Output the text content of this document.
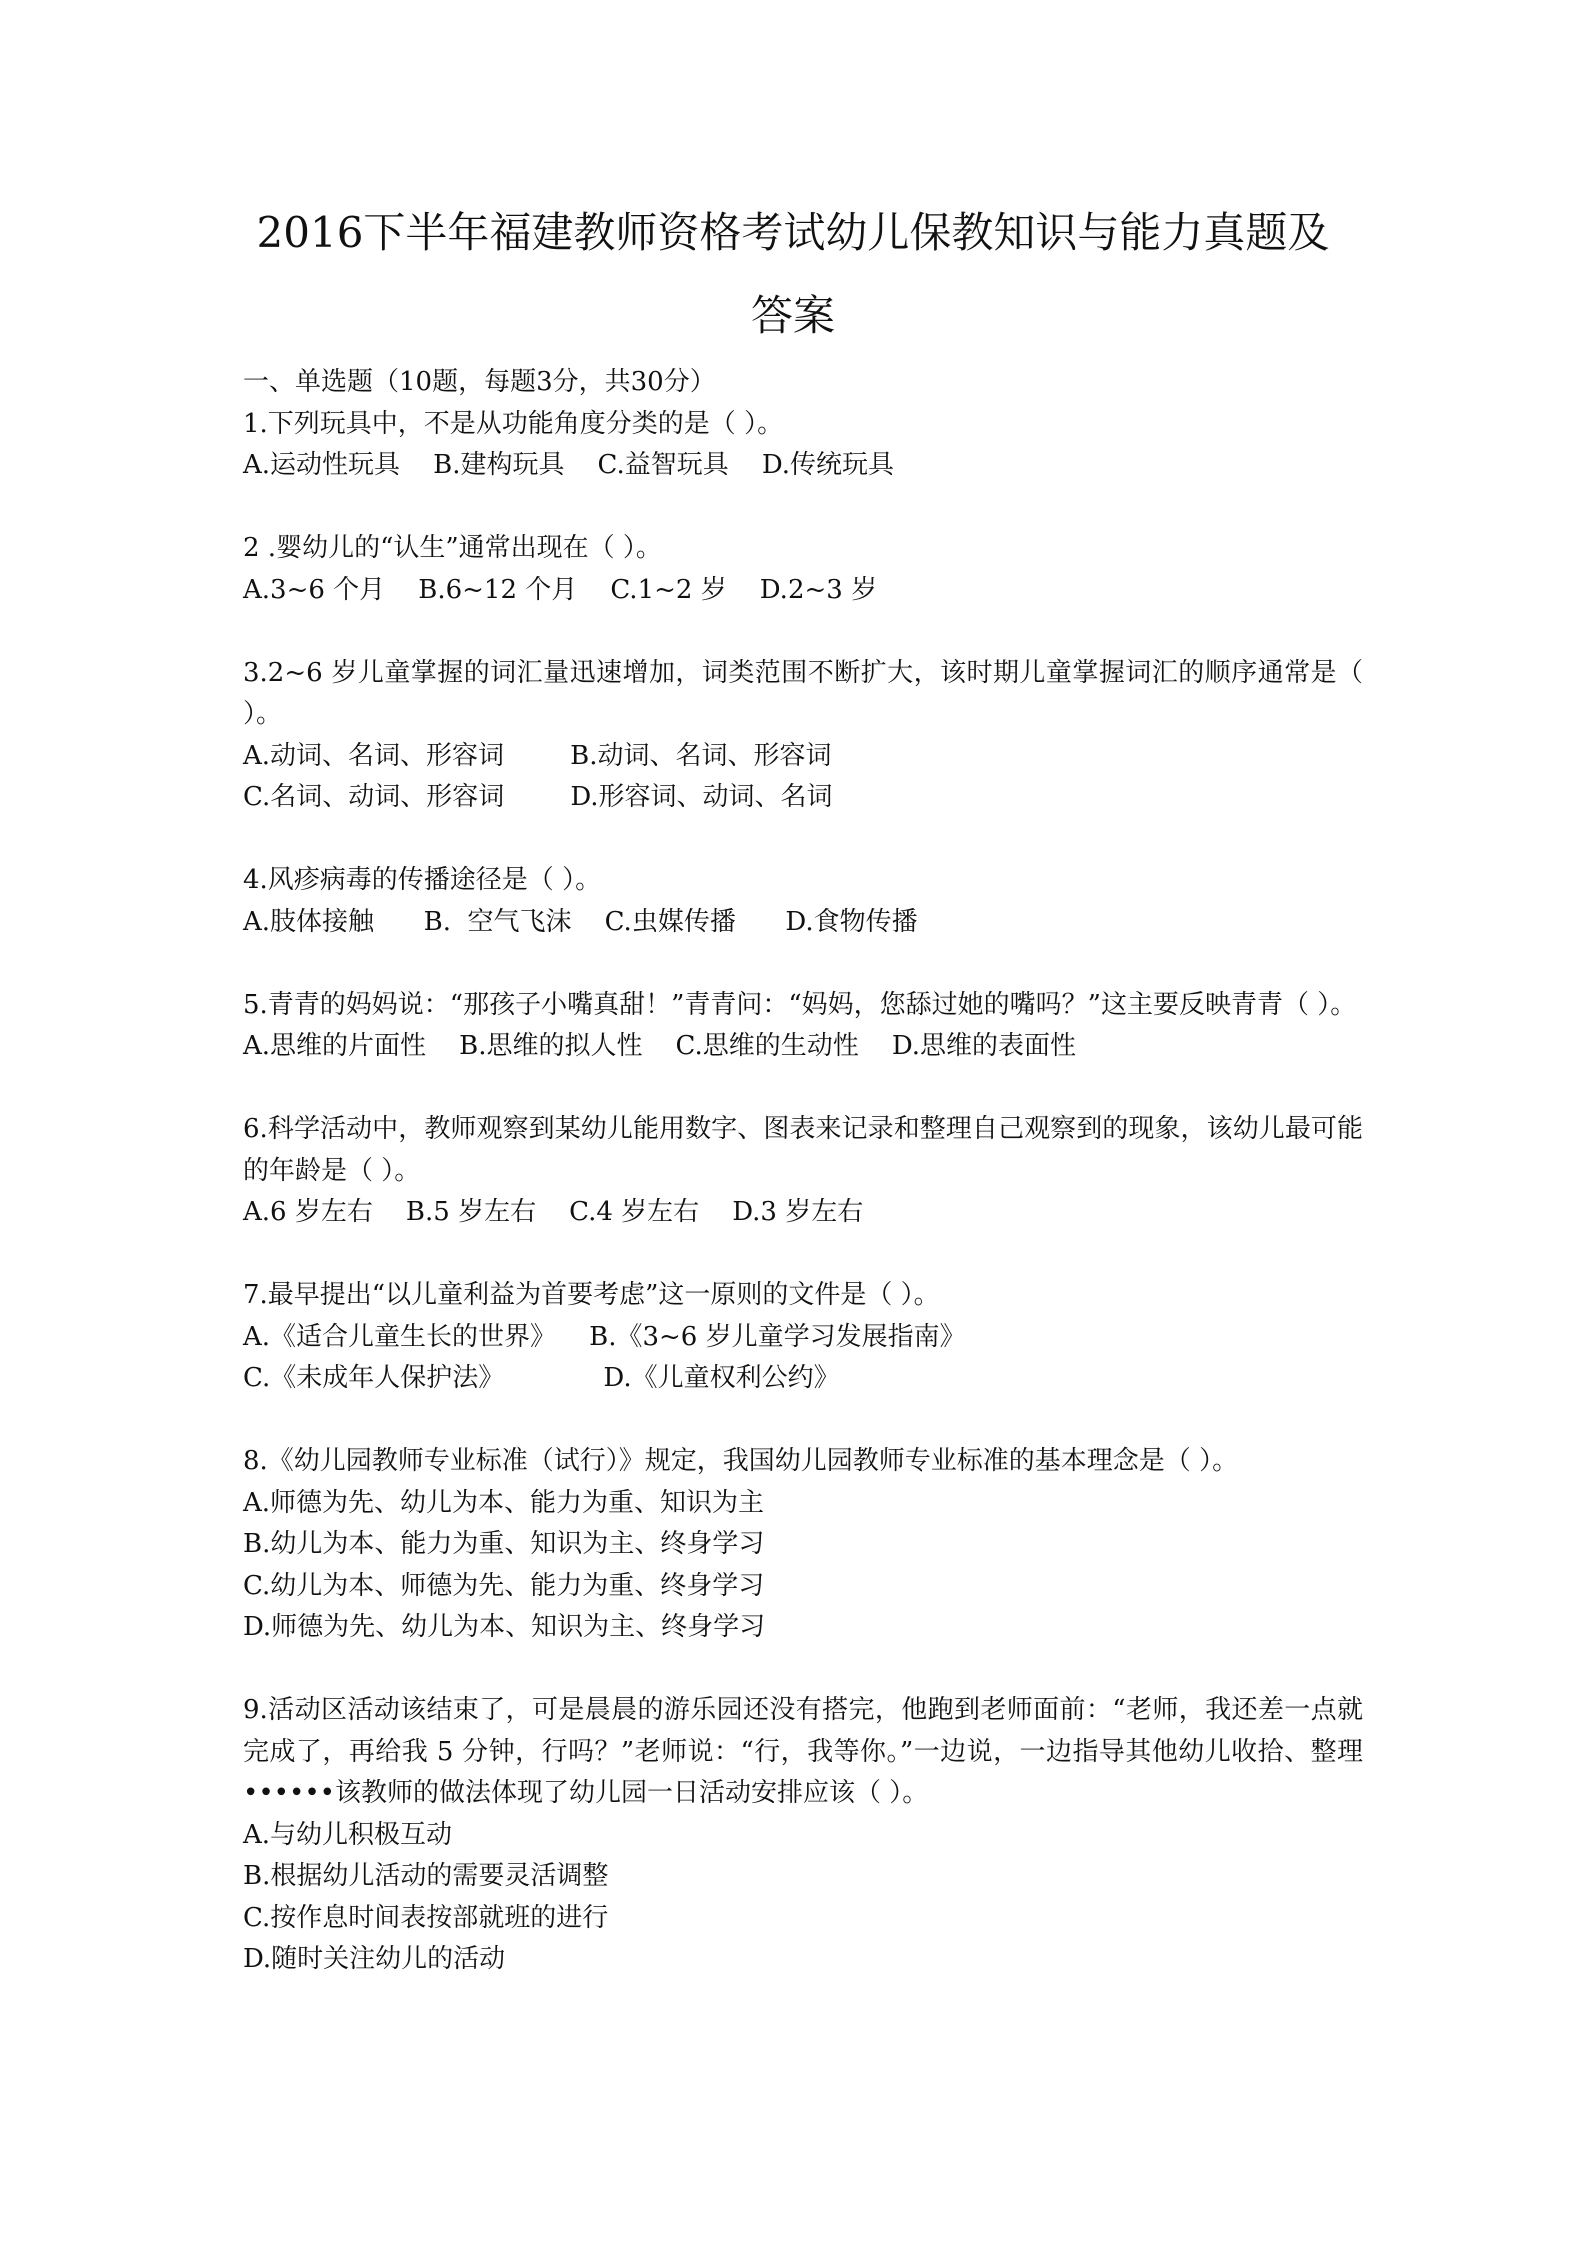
2016下半年福建教师资格考试幼儿保教知识与能力真题及
答案

一、单选题（10题，每题3分，共30分）

1.下列玩具中，不是从功能角度分类的是（ ）。

A.运动性玩具    B.建构玩具    C.益智玩具    D.传统玩具

2 .婴幼儿的“认生”通常出现在（ ）。

A.3~6 个月    B.6~12 个月    C.1~2 岁    D.2~3 岁

3.2~6 岁儿童掌握的词汇量迅速增加，词类范围不断扩大，该时期儿童掌握词汇的顺序通常是（ ）。

A.动词、名词、形容词        B.动词、名词、形容词

C.名词、动词、形容词        D.形容词、动词、名词

4.风疹病毒的传播途径是（ ）。

A.肢体接触      B.  空气飞沫    C.虫媒传播      D.食物传播

5.青青的妈妈说：“那孩子小嘴真甜！”青青问：“妈妈，您舔过她的嘴吗？”这主要反映青青（ ）。

A.思维的片面性    B.思维的拟人性    C.思维的生动性    D.思维的表面性

6.科学活动中，教师观察到某幼儿能用数字、图表来记录和整理自己观察到的现象，该幼儿最可能的年龄是（ ）。

A.6 岁左右    B.5 岁左右    C.4 岁左右    D.3 岁左右

7.最早提出“以儿童利益为首要考虑”这一原则的文件是（ ）。

A.《适合儿童生长的世界》    B.《3~6 岁儿童学习发展指南》

C.《未成年人保护法》            D.《儿童权利公约》

8.《幼儿园教师专业标准（试行）》规定，我国幼儿园教师专业标准的基本理念是（ ）。

A.师德为先、幼儿为本、能力为重、知识为主

B.幼儿为本、能力为重、知识为主、终身学习

C.幼儿为本、师德为先、能力为重、终身学习

D.师德为先、幼儿为本、知识为主、终身学习

9.活动区活动该结束了，可是晨晨的游乐园还没有搭完，他跑到老师面前：“老师，我还差一点就完成了，再给我 5 分钟，行吗？”老师说：“行，我等你。”一边说，一边指导其他幼儿收拾、整理••••••该教师的做法体现了幼儿园一日活动安排应该（ ）。

A.与幼儿积极互动

B.根据幼儿活动的需要灵活调整

C.按作息时间表按部就班的进行

D.随时关注幼儿的活动
